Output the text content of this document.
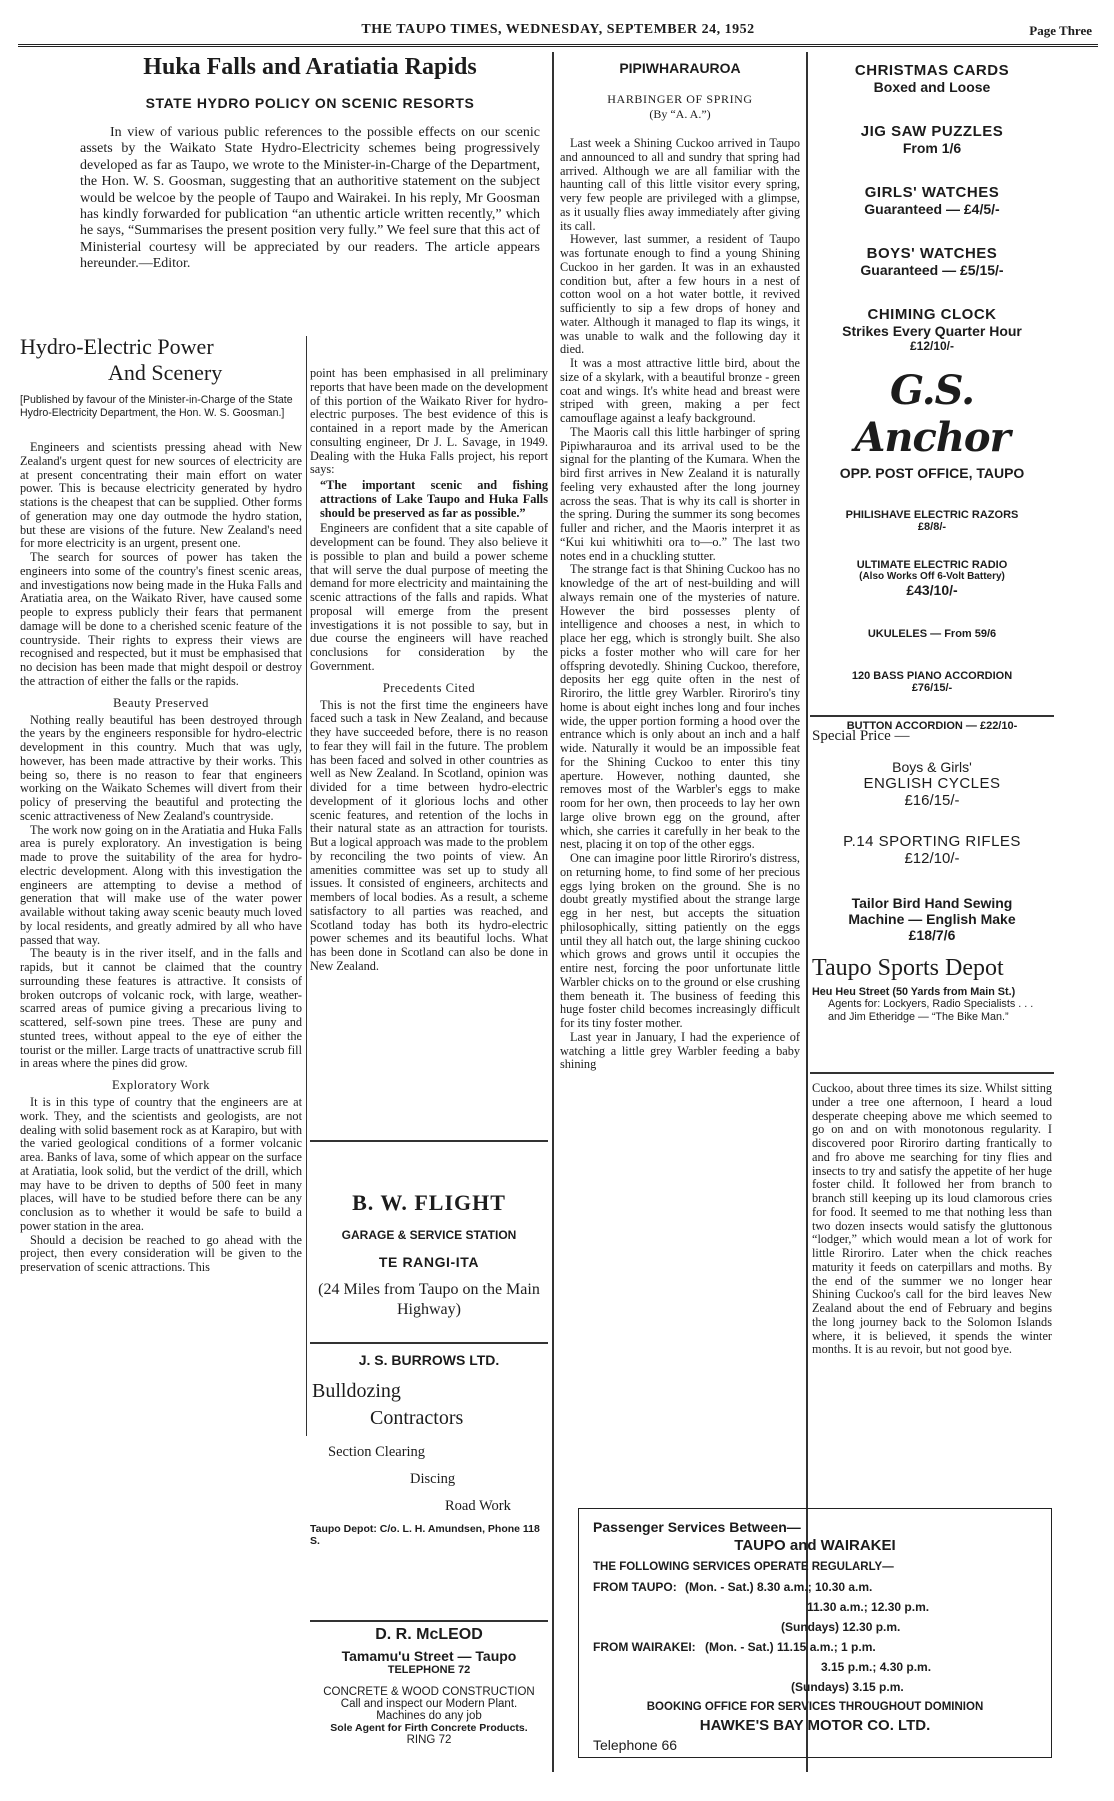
THE TAUPO TIMES, WEDNESDAY, SEPTEMBER 24, 1952	Page Three
Huka Falls and Aratiatia Rapids
STATE HYDRO POLICY ON SCENIC RESORTS

In view of various public references to the possible effects on our scenic assets by the Waikato State Hydro-Electricity schemes being progressively developed as far as Taupo, we wrote to the Minister-in-Charge of the Department, the Hon. W. S. Goosman, suggesting that an authoritive statement on the subject would be welcoe by the people of Taupo and Wairakei. In his reply, Mr Goosman has kindly forwarded for publication “an uthentic article written recently,” which he says, “Summarises the present position very fully.” We feel sure that this act of Ministerial courtesy will be appreciated by our readers. The article appears hereunder.—Editor.

Hydro-Electric Power
And Scenery
[Published by favour of the Minister-in-Charge of the State Hydro-Electricity Department, the Hon. W. S. Goosman.]

Engineers and scientists pressing ahead with New Zealand's urgent quest for new sources of electricity are at present concentrating their main effort on water power. This is because electricity generated by hydro stations is the cheapest that can be supplied. Other forms of generation may one day outmode the hydro station, but these are visions of the future. New Zealand's need for more electricity is an urgent, present one.

The search for sources of power has taken the engineers into some of the country's finest scenic areas, and investigations now being made in the Huka Falls and Aratiatia area, on the Waikato River, have caused some people to express publicly their fears that permanent damage will be done to a cherished scenic feature of the countryside. Their rights to express their views are recognised and respected, but it must be emphasised that no decision has been made that might despoil or destroy the attraction of either the falls or the rapids.

Beauty Preserved

Nothing really beautiful has been destroyed through the years by the engineers responsible for hydro-electric development in this country. Much that was ugly, however, has been made attractive by their works. This being so, there is no reason to fear that engineers working on the Waikato Schemes will divert from their policy of preserving the beautiful and protecting the scenic attractiveness of New Zealand's countryside.

The work now going on in the Aratiatia and Huka Falls area is purely exploratory. An investigation is being made to prove the suitability of the area for hydro-electric development. Along with this investigation the engineers are attempting to devise a method of generation that will make use of the water power available without taking away scenic beauty much loved by local residents, and greatly admired by all who have passed that way.

The beauty is in the river itself, and in the falls and rapids, but it cannot be claimed that the country surrounding these features is attractive. It consists of broken outcrops of volcanic rock, with large, weather-scarred areas of pumice giving a precarious living to scattered, self-sown pine trees. These are puny and stunted trees, without appeal to the eye of either the tourist or the miller. Large tracts of unattractive scrub fill in areas where the pines did grow.

Exploratory Work

It is in this type of country that the engineers are at work. They, and the scientists and geologists, are not dealing with solid basement rock as at Karapiro, but with the varied geological conditions of a former volcanic area. Banks of lava, some of which appear on the surface at Aratiatia, look solid, but the verdict of the drill, which may have to be driven to depths of 500 feet in many places, will have to be studied before there can be any conclusion as to whether it would be safe to build a power station in the area.

Should a decision be reached to go ahead with the project, then every consideration will be given to the preservation of scenic attractions. This

point has been emphasised in all preliminary reports that have been made on the development of this portion of the Waikato River for hydro-electric purposes. The best evidence of this is contained in a report made by the American consulting engineer, Dr J. L. Savage, in 1949. Dealing with the Huka Falls project, his report says:

“The important scenic and fishing attractions of Lake Taupo and Huka Falls should be preserved as far as possible.”

Engineers are confident that a site capable of development can be found. They also believe it is possible to plan and build a power scheme that will serve the dual purpose of meeting the demand for more electricity and maintaining the scenic attractions of the falls and rapids. What proposal will emerge from the present investigations it is not possible to say, but in due course the engineers will have reached conclusions for consideration by the Government.

Precedents Cited

This is not the first time the engineers have faced such a task in New Zealand, and because they have succeeded before, there is no reason to fear they will fail in the future. The problem has been faced and solved in other countries as well as New Zealand. In Scotland, opinion was divided for a time between hydro-electric development of it glorious lochs and other scenic features, and retention of the lochs in their natural state as an attraction for tourists. But a logical approach was made to the problem by reconciling the two points of view. An amenities committee was set up to study all issues. It consisted of engineers, architects and members of local bodies. As a result, a scheme satisfactory to all parties was reached, and Scotland today has both its hydro-electric power schemes and its beautiful lochs. What has been done in Scotland can also be done in New Zealand.

B. W. FLIGHT
GARAGE & SERVICE STATION
TE RANGI-ITA
(24 Miles from Taupo on the Main Highway)
J. S. BURROWS LTD.
Bulldozing
Contractors
Section Clearing
Discing
Road Work
Taupo Depot: C/o. L. H. Amundsen, Phone 118 S.
D. R. McLEOD
Tamamu'u Street — Taupo
TELEPHONE 72
CONCRETE & WOOD CONSTRUCTION
Call and inspect our Modern Plant.
Machines do any job
Sole Agent for Firth Concrete Products.
RING 72
PIPIWHARAUROA
HARBINGER OF SPRING
(By “A. A.”)

Last week a Shining Cuckoo arrived in Taupo and announced to all and sundry that spring had arrived. Although we are all familiar with the haunting call of this little visitor every spring, very few people are privileged with a glimpse, as it usually flies away immediately after giving its call.

However, last summer, a resident of Taupo was fortunate enough to find a young Shining Cuckoo in her garden. It was in an exhausted condition but, after a few hours in a nest of cotton wool on a hot water bottle, it revived sufficiently to sip a few drops of honey and water. Although it managed to flap its wings, it was unable to walk and the following day it died.

It was a most attractive little bird, about the size of a skylark, with a beautiful bronze - green coat and wings. It's white head and breast were striped with green, making a per fect camouflage against a leafy background.

The Maoris call this little harbinger of spring Pipiwharauroa and its arrival used to be the signal for the planting of the Kumara. When the bird first arrives in New Zealand it is naturally feeling very exhausted after the long journey across the seas. That is why its call is shorter in the spring. During the summer its song becomes fuller and richer, and the Maoris interpret it as “Kui kui whitiwhiti ora to—o.” The last two notes end in a chuckling stutter.

The strange fact is that Shining Cuckoo has no knowledge of the art of nest-building and will always remain one of the mysteries of nature. However the bird possesses plenty of intelligence and chooses a nest, in which to place her egg, which is strongly built. She also picks a foster mother who will care for her offspring devotedly. Shining Cuckoo, therefore, deposits her egg quite often in the nest of Riroriro, the little grey Warbler. Riroriro's tiny home is about eight inches long and four inches wide, the upper portion forming a hood over the entrance which is only about an inch and a half wide. Naturally it would be an impossible feat for the Shining Cuckoo to enter this tiny aperture. However, nothing daunted, she removes most of the Warbler's eggs to make room for her own, then proceeds to lay her own large olive brown egg on the ground, after which, she carries it carefully in her beak to the nest, placing it on top of the other eggs.

One can imagine poor little Riroriro's distress, on returning home, to find some of her precious eggs lying broken on the ground. She is no doubt greatly mystified about the strange large egg in her nest, but accepts the situation philosophically, sitting patiently on the eggs until they all hatch out, the large shining cuckoo which grows and grows until it occupies the entire nest, forcing the poor unfortunate little Warbler chicks on to the ground or else crushing them beneath it. The business of feeding this huge foster child becomes increasingly difficult for its tiny foster mother.

Last year in January, I had the experience of watching a little grey Warbler feeding a baby shining

Cuckoo, about three times its size. Whilst sitting under a tree one afternoon, I heard a loud desperate cheeping above me which seemed to go on and on with monotonous regularity. I discovered poor Riroriro darting frantically to and fro above me searching for tiny flies and insects to try and satisfy the appetite of her huge foster child. It followed her from branch to branch still keeping up its loud clamorous cries for food. It seemed to me that nothing less than two dozen insects would satisfy the gluttonous “lodger,” which would mean a lot of work for little Riroriro. Later when the chick reaches maturity it feeds on caterpillars and moths. By the end of the summer we no longer hear Shining Cuckoo's call for the bird leaves New Zealand about the end of February and begins the long journey back to the Solomon Islands where, it is believed, it spends the winter months. It is au revoir, but not good bye.

CHRISTMAS CARDS
Boxed and Loose
JIG SAW PUZZLES
From 1/6
GIRLS' WATCHES
Guaranteed — £4/5/-
BOYS' WATCHES
Guaranteed — £5/15/-
CHIMING CLOCK
Strikes Every Quarter Hour
£12/10/-
G.S. Anchor
OPP. POST OFFICE, TAUPO
PHILISHAVE ELECTRIC RAZORS
£8/8/-
ULTIMATE ELECTRIC RADIO
(Also Works Off 6-Volt Battery)
£43/10/-
UKULELES — From 59/6
120 BASS PIANO ACCORDION
£76/15/-
BUTTON ACCORDION — £22/10-
Special Price —
Boys & Girls'
ENGLISH CYCLES
£16/15/-
P.14 SPORTING RIFLES
£12/10/-
Tailor Bird Hand Sewing
Machine — English Make
£18/7/6
Taupo Sports Depot
Heu Heu Street (50 Yards from Main St.)
Agents for: Lockyers, Radio Specialists . . . and Jim Etheridge — “The Bike Man.”
Passenger Services Between—
TAUPO and WAIRAKEI
THE FOLLOWING SERVICES OPERATE REGULARLY—
FROM TAUPO: (Mon. - Sat.) 8.30 a.m.; 10.30 a.m.
11.30 a.m.; 12.30 p.m.
(Sundays) 12.30 p.m.
FROM WAIRAKEI: (Mon. - Sat.) 11.15 a.m.; 1 p.m.
3.15 p.m.; 4.30 p.m.
(Sundays) 3.15 p.m.
BOOKING OFFICE FOR SERVICES THROUGHOUT DOMINION
HAWKE'S BAY MOTOR CO. LTD.
Telephone 66
